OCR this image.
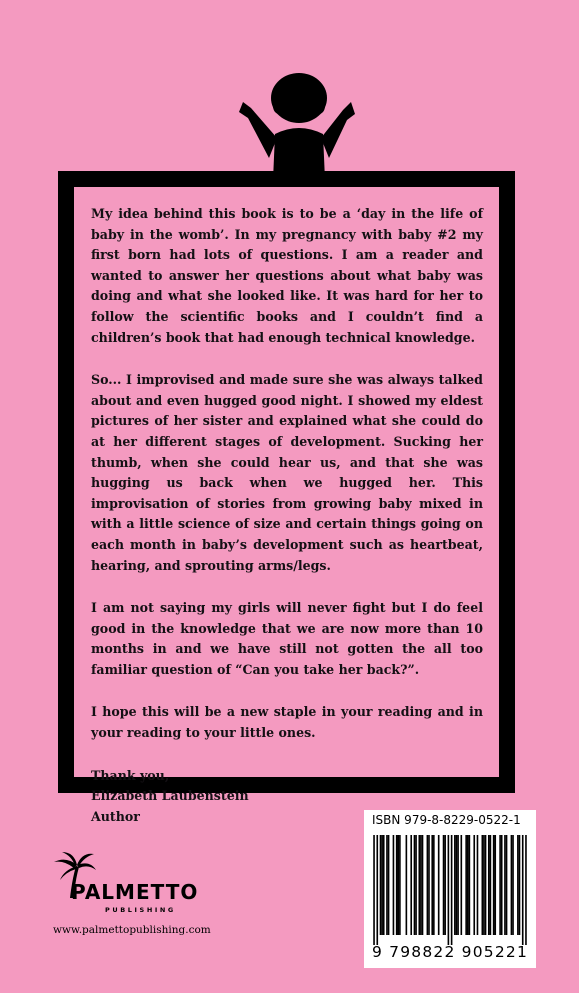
My idea behind this book is to be a ‘day in the life of baby in the womb’. In my pregnancy with baby #2 my first born had lots of questions. I am a reader and wanted to answer her questions about what baby was doing and what she looked like. It was hard for her to follow the scientific books and I couldn’t find a children’s book that had enough technical knowledge.

So... I improvised and made sure she was always talked about and even hugged good night. I showed my eldest pictures of her sister and explained what she could do at her different stages of development. Sucking her thumb, when she could hear us, and that she was hugging us back when we hugged her. This improvisation of stories from growing baby mixed in with a little science of size and certain things going on each month in baby’s development such as heartbeat, hearing, and sprouting arms/legs.

I am not saying my girls will never fight but I do feel good in the knowledge that we are now more than 10 months in and we have still not gotten the all too familiar question of “Can you take her back?”.

I hope this will be a new staple in your reading and in your reading to your little ones.

Thank you,

Elizabeth Laubenstein

Author

PALMETTO
PUBLISHING
www.palmettopublishing.com
ISBN 979-8-8229-0522-1
9 798822 905221
